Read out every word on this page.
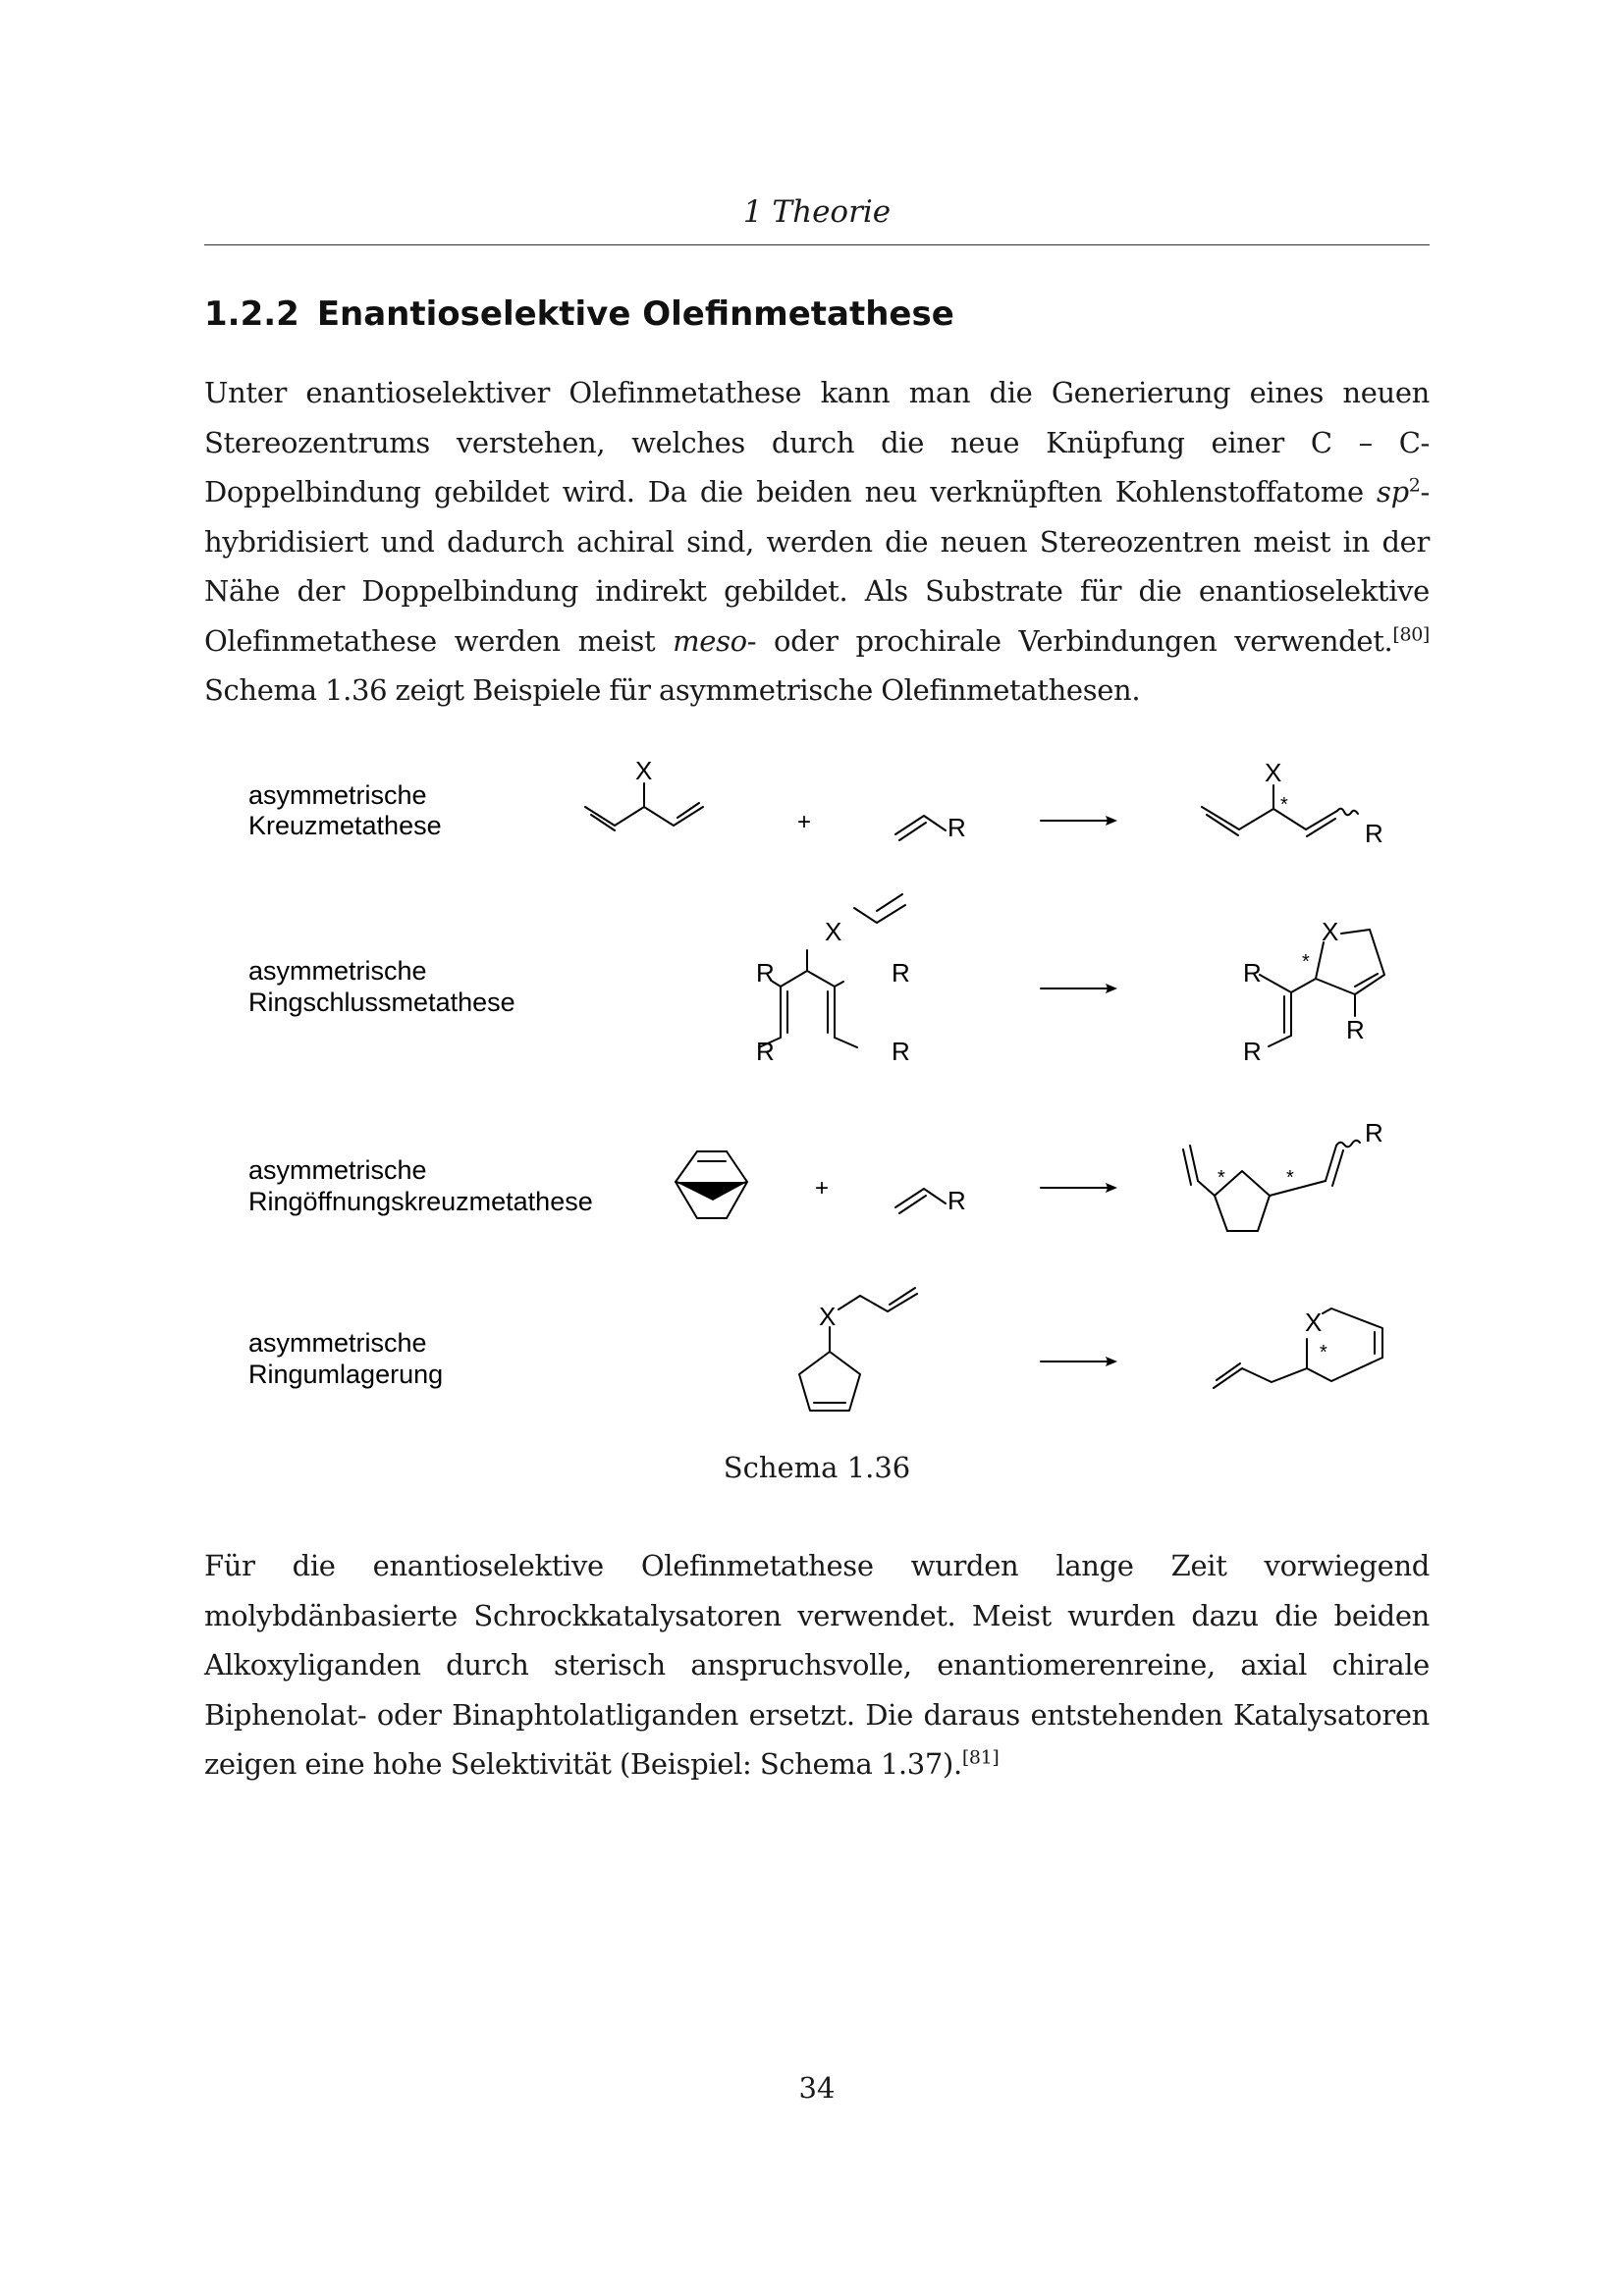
1 Theorie
1.2.2 Enantioselektive Olefinmetathese

Unter enantioselektiver Olefinmetathese kann man die Generierung eines neuen Stereozentrums verstehen, welches durch die neue Knüpfung einer C – C-Doppelbindung gebildet wird. Da die beiden neu verknüpften Kohlenstoffatome $sp^2$-hybridisiert und dadurch achiral sind, werden die neuen Stereozentren meist in der Nähe der Doppelbindung indirekt gebildet. Als Substrate für die enantioselektive Olefinmetathese werden meist meso- oder prochirale Verbindungen verwendet.[80] Schema 1.36 zeigt Beispiele für asymmetrische Olefinmetathesen.

asymmetrische
Kreuzmetathese
asymmetrische
Ringschlussmetathese
asymmetrische
Ringöffnungskreuzmetathese
asymmetrische
Ringumlagerung
X
+	R
X
*
R
X
R	R
R	R
X
*
R
R
R
+	R
*	*
R
X	X
*
Schema 1.36

Für die enantioselektive Olefinmetathese wurden lange Zeit vorwiegend molybdänbasierte Schrockkatalysatoren verwendet. Meist wurden dazu die beiden Alkoxyliganden durch sterisch anspruchsvolle, enantiomerenreine, axial chirale Biphenolat- oder Binaphtolatliganden ersetzt. Die daraus entstehenden Katalysatoren zeigen eine hohe Selektivität (Beispiel: Schema 1.37).[81]

34
